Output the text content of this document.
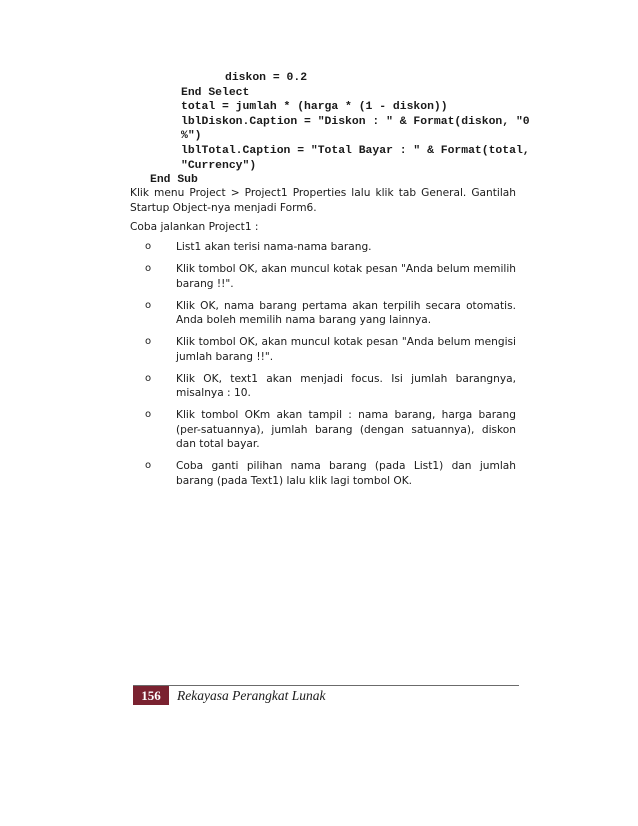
diskon = 0.2
End Select
total = jumlah * (harga * (1 - diskon))
lblDiskon.Caption = "Diskon : " & Format(diskon, "0
%")
lblTotal.Caption = "Total Bayar : " & Format(total,
"Currency")
End Sub

Klik menu Project > Project1 Properties lalu klik tab General. Gantilah Startup Object-nya menjadi Form6.

Coba jalankan Project1 :

o List1 akan terisi nama-nama barang.
o Klik tombol OK, akan muncul kotak pesan "Anda belum memilih barang !!".
o Klik OK, nama barang pertama akan terpilih secara otomatis. Anda boleh memilih nama barang yang lainnya.
o Klik tombol OK, akan muncul kotak pesan "Anda belum mengisi jumlah barang !!".
o Klik OK, text1 akan menjadi focus. Isi jumlah barangnya, misalnya : 10.
o Klik tombol OKm akan tampil : nama barang, harga barang (per-satuannya), jumlah barang (dengan satuannya), diskon dan total bayar.
o Coba ganti pilihan nama barang (pada List1) dan jumlah barang (pada Text1) lalu klik lagi tombol OK.
156	Rekayasa Perangkat Lunak
